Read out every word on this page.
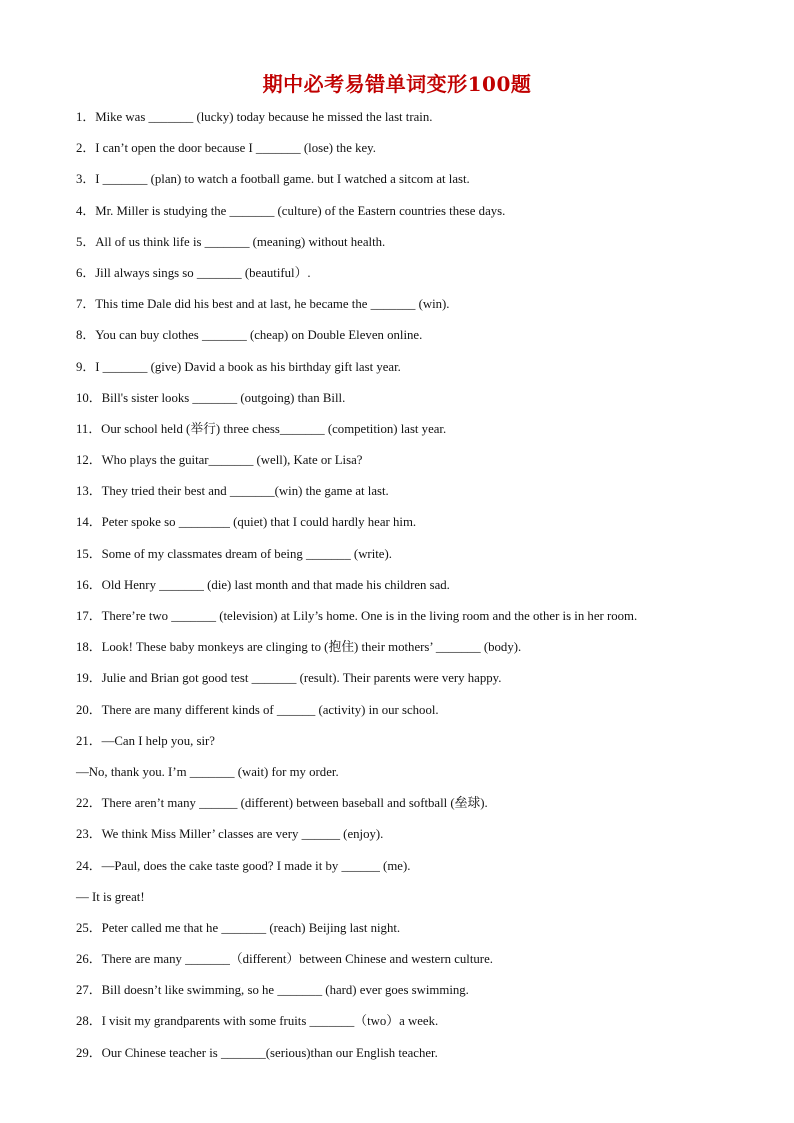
期中必考易错单词变形100题
1．Mike was _______ (lucky) today because he missed the last train.
2．I can’t open the door because I _______ (lose) the key.
3．I _______ (plan) to watch a football game. but I watched a sitcom at last.
4．Mr. Miller is studying the _______ (culture) of the Eastern countries these days.
5．All of us think life is _______ (meaning) without health.
6．Jill always sings so _______ (beautiful）.
7．This time Dale did his best and at last, he became the _______ (win).
8．You can buy clothes _______ (cheap) on Double Eleven online.
9．I _______ (give) David a book as his birthday gift last year.
10．Bill's sister looks _______ (outgoing) than Bill.
11．Our school held (举行) three chess_______ (competition) last year.
12．Who plays the guitar_______ (well), Kate or Lisa?
13．They tried their best and _______(win) the game at last.
14．Peter spoke so ________ (quiet) that I could hardly hear him.
15．Some of my classmates dream of being _______ (write).
16．Old Henry _______ (die) last month and that made his children sad.
17．There’re two _______ (television) at Lily’s home. One is in the living room and the other is in her room.
18．Look! These baby monkeys are clinging to (抱住) their mothers’ _______ (body).
19．Julie and Brian got good test _______ (result). Their parents were very happy.
20．There are many different kinds of ______ (activity) in our school.
21．—Can I help you, sir?
—No, thank you. I’m _______ (wait) for my order.
22．There aren’t many ______ (different) between baseball and softball (垒球).
23．We think Miss Miller’ classes are very ______ (enjoy).
24．—Paul, does the cake taste good? I made it by ______ (me).
— It is great!
25．Peter called me that he _______ (reach) Beijing last night.
26．There are many _______（different）between Chinese and western culture.
27．Bill doesn’t like swimming, so he _______ (hard) ever goes swimming.
28．I visit my grandparents with some fruits _______（two）a week.
29．Our Chinese teacher is _______(serious)than our English teacher.
